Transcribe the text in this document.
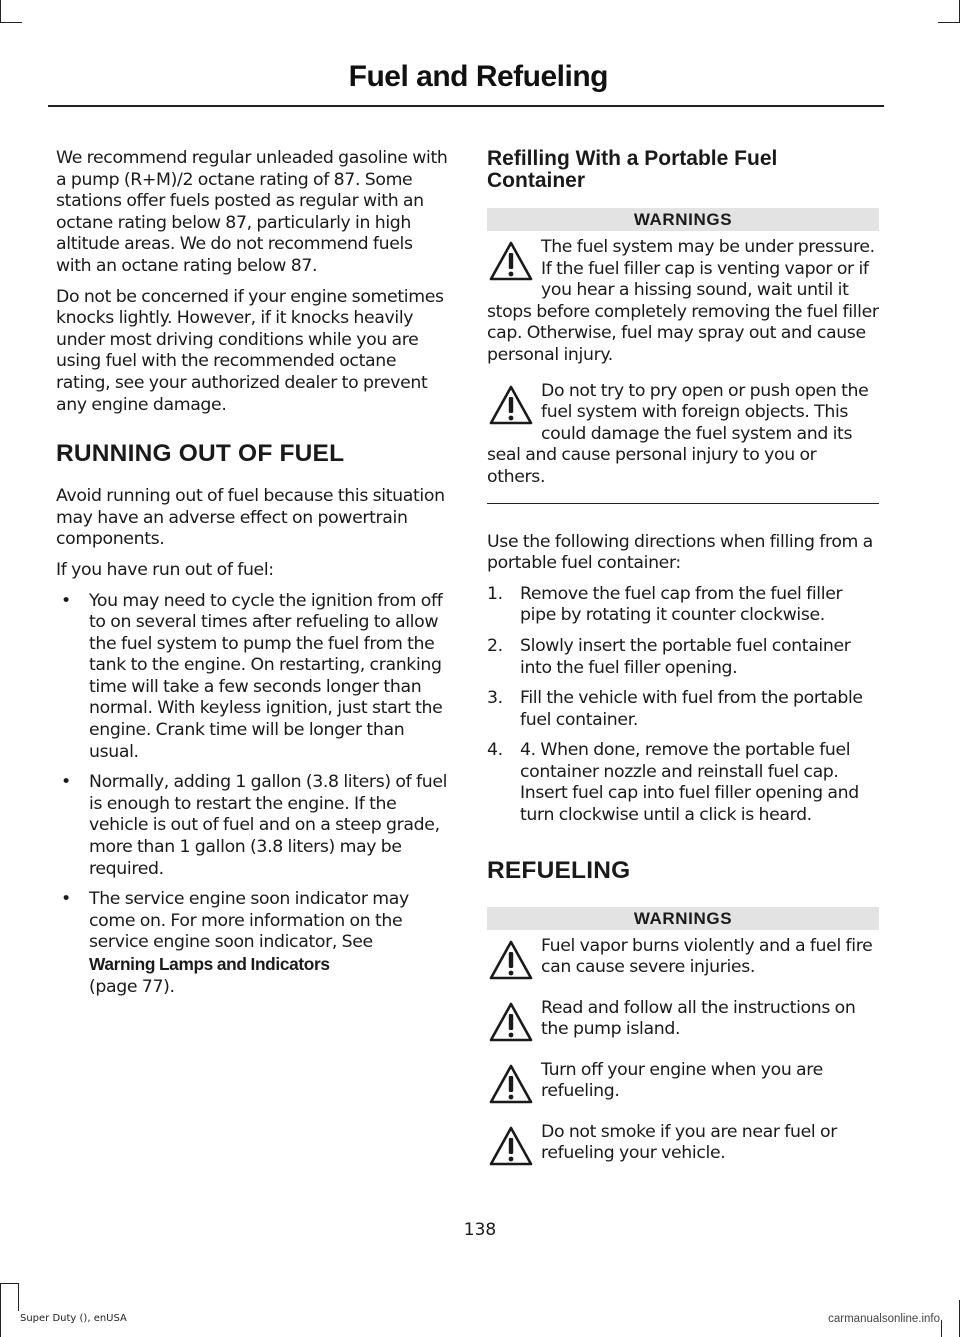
Fuel and Refueling

We recommend regular unleaded gasoline with a pump (R+M)/2 octane rating of 87. Some stations offer fuels posted as regular with an octane rating below 87, particularly in high altitude areas. We do not recommend fuels with an octane rating below 87.

Do not be concerned if your engine sometimes knocks lightly. However, if it knocks heavily under most driving conditions while you are using fuel with the recommended octane rating, see your authorized dealer to prevent any engine damage.

RUNNING OUT OF FUEL

Avoid running out of fuel because this situation may have an adverse effect on powertrain components.

If you have run out of fuel:

• You may need to cycle the ignition from off to on several times after refueling to allow the fuel system to pump the fuel from the tank to the engine. On restarting, cranking time will take a few seconds longer than normal. With keyless ignition, just start the engine. Crank time will be longer than usual.
• Normally, adding 1 gallon (3.8 liters) of fuel is enough to restart the engine. If the vehicle is out of fuel and on a steep grade, more than 1 gallon (3.8 liters) may be required.
• The service engine soon indicator may come on. For more information on the service engine soon indicator, See
Warning Lamps and Indicators
(page 77).
Refilling With a Portable Fuel Container
WARNINGS
The fuel system may be under pressure. If the fuel filler cap is venting vapor or if you hear a hissing sound, wait until it stops before completely removing the fuel filler cap. Otherwise, fuel may spray out and cause personal injury.
Do not try to pry open or push open the fuel system with foreign objects. This could damage the fuel system and its seal and cause personal injury to you or others.

Use the following directions when filling from a portable fuel container:

1. Remove the fuel cap from the fuel filler pipe by rotating it counter clockwise.
2. Slowly insert the portable fuel container into the fuel filler opening.
3. Fill the vehicle with fuel from the portable fuel container.
4. 4. When done, remove the portable fuel container nozzle and reinstall fuel cap. Insert fuel cap into fuel filler opening and turn clockwise until a click is heard.
REFUELING
WARNINGS
Fuel vapor burns violently and a fuel fire can cause severe injuries.
Read and follow all the instructions on the pump island.
Turn off your engine when you are refueling.
Do not smoke if you are near fuel or refueling your vehicle.
138
Super Duty (), enUSA	carmanualsonline.info
